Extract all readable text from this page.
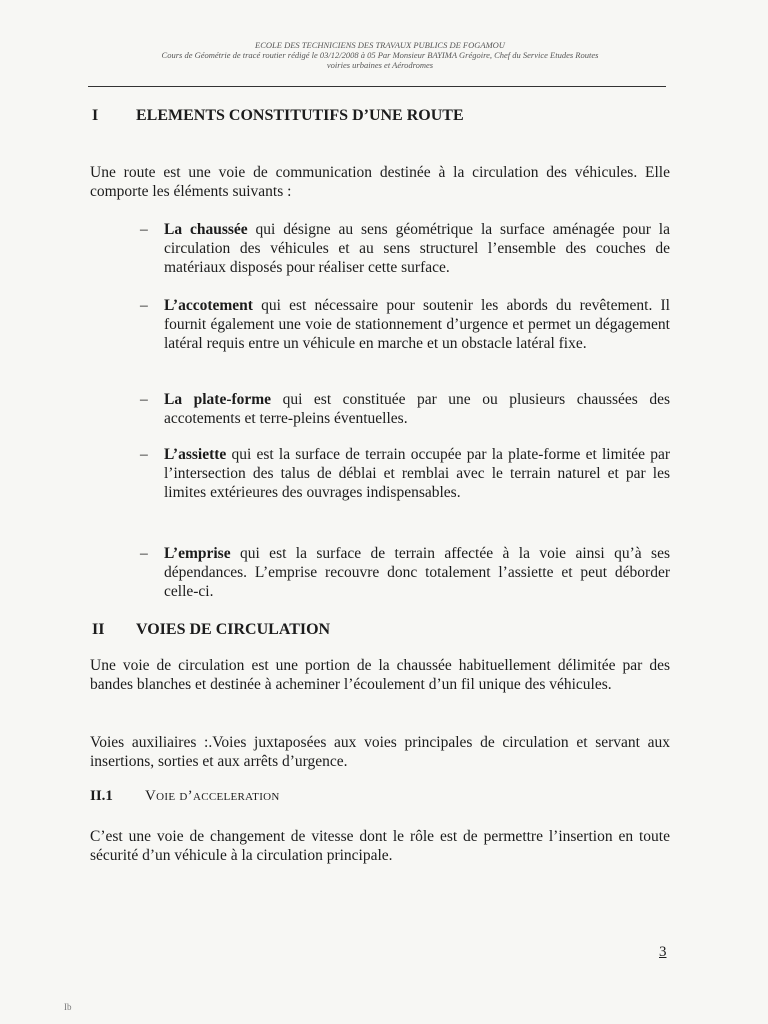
ECOLE DES TECHNICIENS DES TRAVAUX PUBLICS DE FOGAMOU
Cours de Géométrie de tracé routier rédigé le 03/12/2008 à 05 Par Monsieur BAYIMA Grégoire, Chef du Service Etudes Routes
voiries urbaines et Aérodromes
I ELEMENTS CONSTITUTIFS D’UNE ROUTE
Une route est une voie de communication destinée à la circulation des véhicules. Elle comporte les éléments suivants :
– La chaussée qui désigne au sens géométrique la surface aménagée pour la circulation des véhicules et au sens structurel l’ensemble des couches de matériaux disposés pour réaliser cette surface.
– L’accotement qui est nécessaire pour soutenir les abords du revêtement. Il fournit également une voie de stationnement d’urgence et permet un dégagement latéral requis entre un véhicule en marche et un obstacle latéral fixe.
– La plate-forme qui est constituée par une ou plusieurs chaussées des accotements et terre-pleins éventuelles.
– L’assiette qui est la surface de terrain occupée par la plate-forme et limitée par l’intersection des talus de déblai et remblai avec le terrain naturel et par les limites extérieures des ouvrages indispensables.
– L’emprise qui est la surface de terrain affectée à la voie ainsi qu’à ses dépendances. L’emprise recouvre donc totalement l’assiette et peut déborder celle-ci.
II VOIES DE CIRCULATION
Une voie de circulation est une portion de la chaussée habituellement délimitée par des bandes blanches et destinée à acheminer l’écoulement d’un fil unique des véhicules.
Voies auxiliaires :.Voies juxtaposées aux voies principales de circulation et servant aux insertions, sorties et aux arrêts d’urgence.
II.1 Voie d’acceleration
C’est une voie de changement de vitesse dont le rôle est de permettre l’insertion en toute sécurité d’un véhicule à la circulation principale.
3
Ib
